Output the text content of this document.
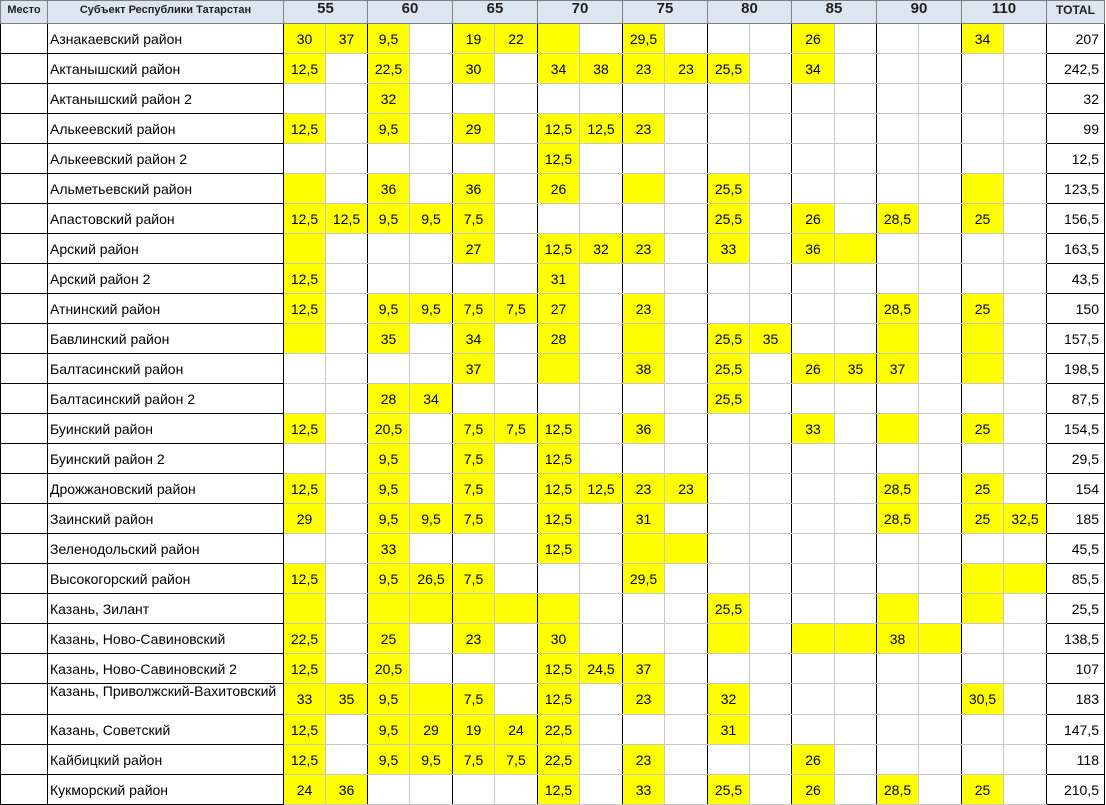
Место	Субъект Республики Татарстан	55		60		65		70		75		80		85		90		110		TOTAL
	Азнакаевский район	30	37	9,5		19	22			29,5				26				34		207
	Актанышский район	12,5		22,5		30		34	38	23	23	25,5		34						242,5
	Актанышский район 2			32																32
	Алькеевский район	12,5		9,5		29		12,5	12,5	23										99
	Алькеевский район 2							12,5												12,5
	Альметьевский район			36		36		26				25,5								123,5
	Апастовский район	12,5	12,5	9,5	9,5	7,5						25,5		26		28,5		25		156,5
	Арский район					27		12,5	32	23		33		36						163,5
	Арский район 2	12,5						31												43,5
	Атнинский район	12,5		9,5	9,5	7,5	7,5	27		23						28,5		25		150
	Бавлинский район			35		34		28				25,5	35							157,5
	Балтасинский район					37				38		25,5		26	35	37				198,5
	Балтасинский район 2			28	34							25,5								87,5
	Буинский район	12,5		20,5		7,5	7,5	12,5		36				33				25		154,5
	Буинский район 2			9,5		7,5		12,5												29,5
	Дрожжановский район	12,5		9,5		7,5		12,5	12,5	23	23					28,5		25		154
	Заинский район	29		9,5	9,5	7,5		12,5		31						28,5		25	32,5	185
	Зеленодольский район			33				12,5												45,5
	Высокогорский район	12,5		9,5	26,5	7,5				29,5										85,5
	Казань, Зилант											25,5								25,5
	Казань, Ново-Савиновский	22,5		25		23		30								38				138,5
	Казань, Ново-Савиновский 2	12,5		20,5				12,5	24,5	37										107
	Казань, Приволжский-Вахитовский	33	35	9,5		7,5		12,5		23		32						30,5		183
	Казань, Советский	12,5		9,5	29	19	24	22,5				31								147,5
	Кайбицкий район	12,5		9,5	9,5	7,5	7,5	22,5		23				26						118
	Кукморский район	24	36					12,5		33		25,5		26		28,5		25		210,5
